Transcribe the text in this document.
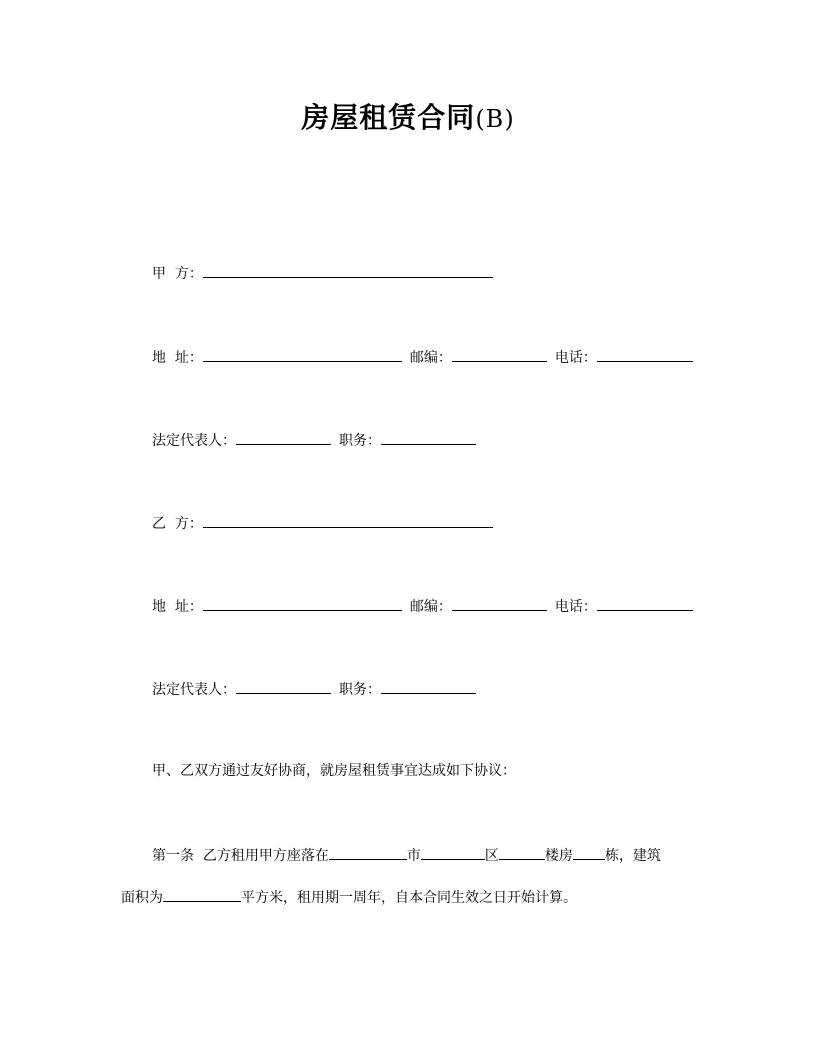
房屋租赁合同(B)
甲  方：
地  址：	邮编：	电话：
法定代表人：	职务：
乙  方：
地  址：	邮编：	电话：
法定代表人：	职务：
甲、乙双方通过友好协商，就房屋租赁事宜达成如下协议：
第一条  乙方租用甲方座落在	市	区	楼房 栋，建筑
面积为	平方米，租用期一周年，自本合同生效之日开始计算。
